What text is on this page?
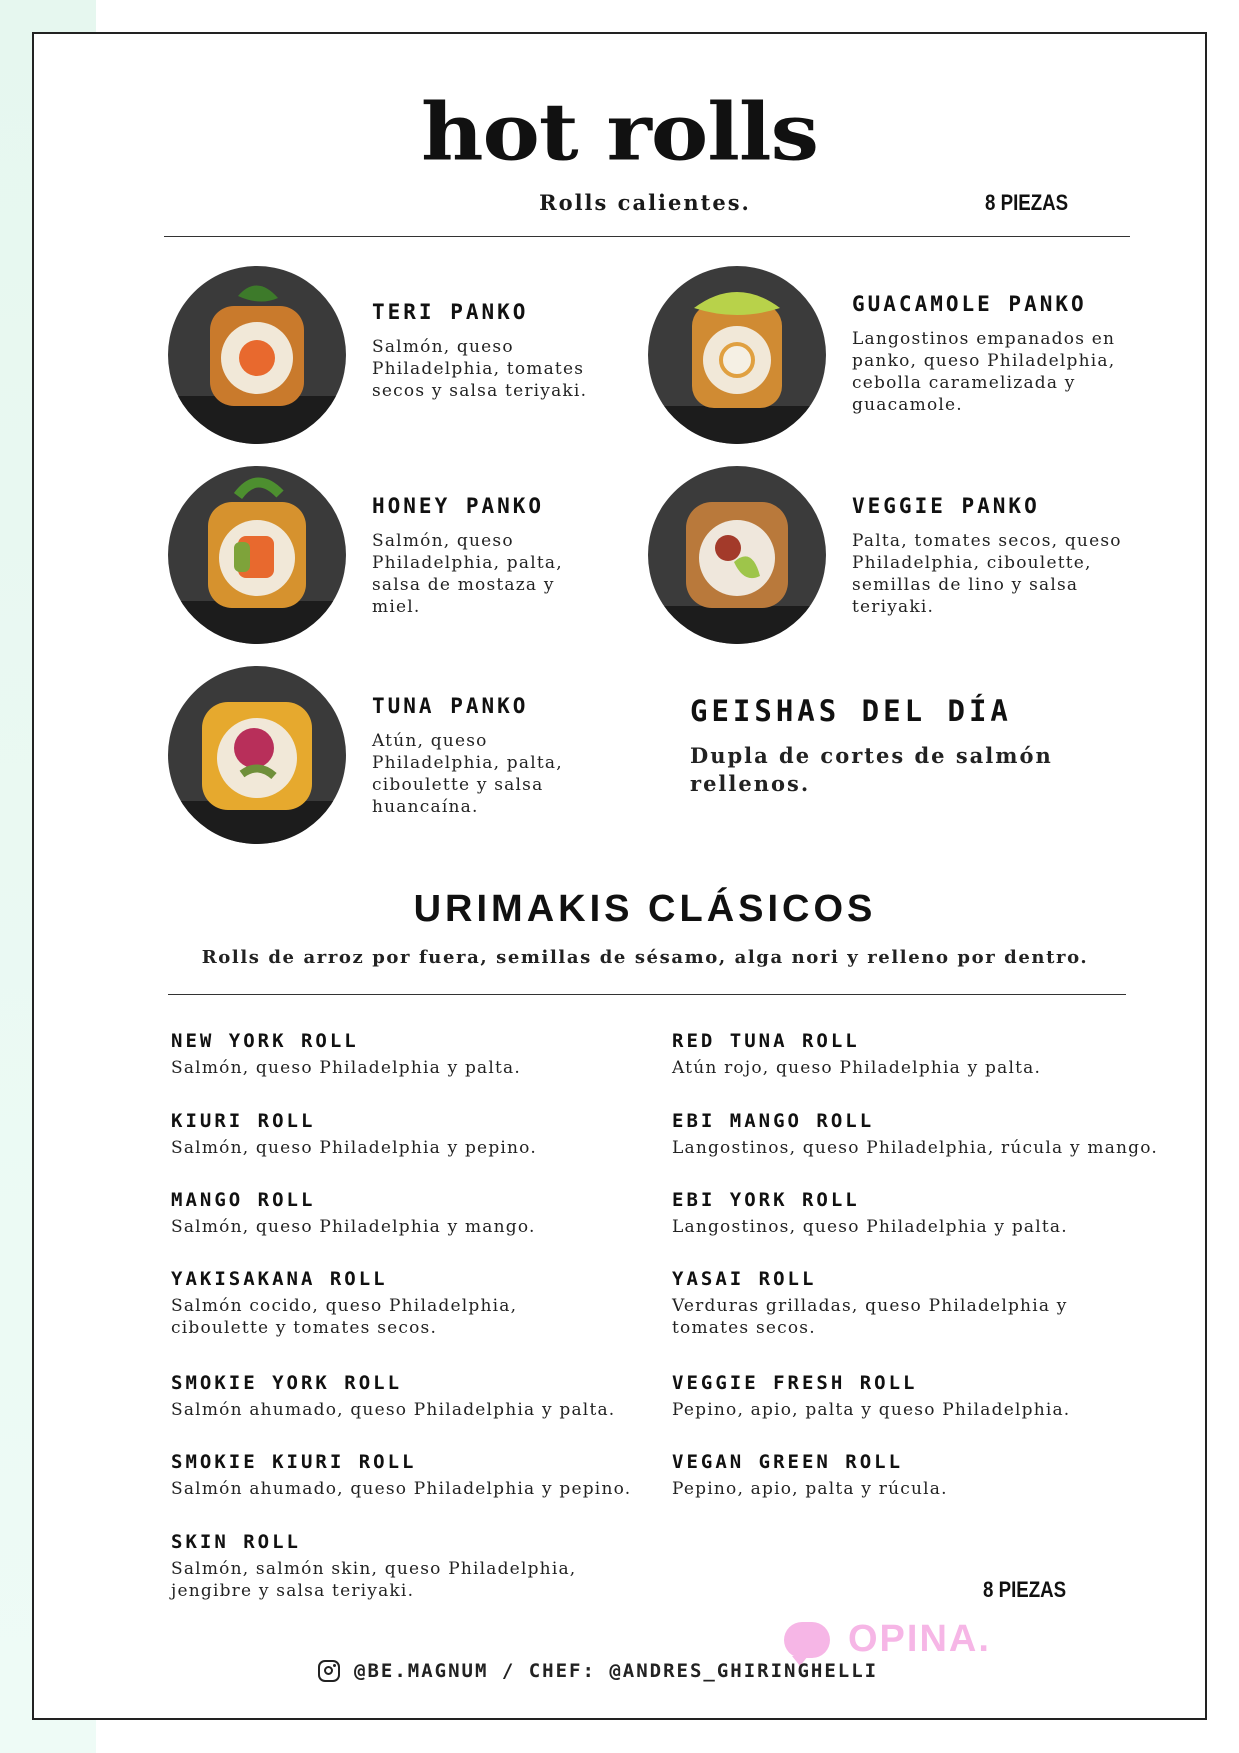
hot rolls
Rolls calientes.	8 PIEZAS
TERI PANKO
Salmón, queso Philadelphia, tomates secos y salsa teriyaki.
GUACAMOLE PANKO
Langostinos empanados en panko, queso Philadelphia, cebolla caramelizada y guacamole.
HONEY PANKO
Salmón, queso Philadelphia, palta, salsa de mostaza y miel.
VEGGIE PANKO
Palta, tomates secos, queso Philadelphia, ciboulette, semillas de lino y salsa teriyaki.
TUNA PANKO
Atún, queso Philadelphia, palta, ciboulette y salsa huancaína.
GEISHAS DEL DÍA
Dupla de cortes de salmón rellenos.
URIMAKIS CLÁSICOS
Rolls de arroz por fuera, semillas de sésamo, alga nori y relleno por dentro.
NEW YORK ROLL
Salmón, queso Philadelphia y palta.
KIURI ROLL
Salmón, queso Philadelphia y pepino.
MANGO ROLL
Salmón, queso Philadelphia y mango.
YAKISAKANA ROLL
Salmón cocido, queso Philadelphia, ciboulette y tomates secos.
SMOKIE YORK ROLL
Salmón ahumado, queso Philadelphia y palta.
SMOKIE KIURI ROLL
Salmón ahumado, queso Philadelphia y pepino.
SKIN ROLL
Salmón, salmón skin, queso Philadelphia, jengibre y salsa teriyaki.
RED TUNA ROLL
Atún rojo, queso Philadelphia y palta.
EBI MANGO ROLL
Langostinos, queso Philadelphia, rúcula y mango.
EBI YORK ROLL
Langostinos, queso Philadelphia y palta.
YASAI ROLL
Verduras grilladas, queso Philadelphia y tomates secos.
VEGGIE FRESH ROLL
Pepino, apio, palta y queso Philadelphia.
VEGAN GREEN ROLL
Pepino, apio, palta y rúcula.
8 PIEZAS
OPINA.
@BE.MAGNUM / CHEF: @ANDRES_GHIRINGHELLI
